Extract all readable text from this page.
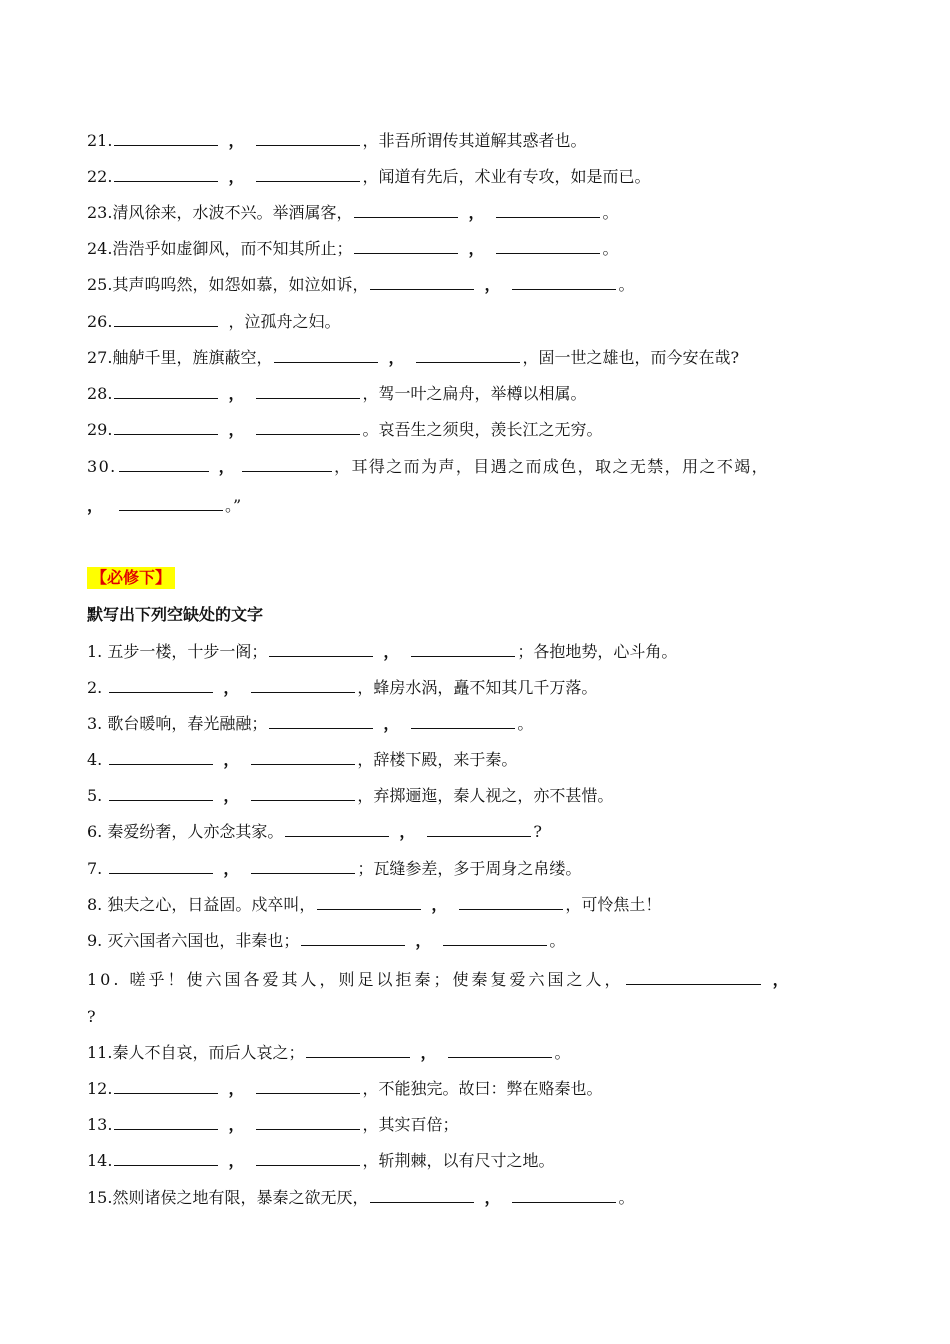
21.	，	，非吾所谓传其道解其惑者也。
22.	，	，闻道有先后，术业有专攻，如是而已。
23.清风徐来，水波不兴。举酒属客，	，	。
24.浩浩乎如虚御风，而不知其所止；	，	。
25.其声呜呜然，如怨如慕，如泣如诉，	，	。
26.	，泣孤舟之妇。
27.舳舻千里，旌旗蔽空，	，	，固一世之雄也，而今安在哉?
28.	，	，驾一叶之扁舟，举樽以相属。
29.	，	。哀吾生之须臾，羡长江之无穷。
30.	，	，耳得之而为声，目遇之而成色，取之无禁，用之不竭，
，	。”
【必修下】
默写出下列空缺处的文字
1. 五步一楼，十步一阁；	，	；各抱地势，心斗角。
2.	，	，蜂房水涡，矗不知其几千万落。
3. 歌台暖响，春光融融；	，	。
4.	，	，辞楼下殿，来于秦。
5.	，	，弃掷逦迤，秦人视之，亦不甚惜。
6. 秦爱纷奢，人亦念其家。	，	?
7.	，	；瓦缝参差，多于周身之帛缕。
8. 独夫之心，日益固。戍卒叫，	，	，可怜焦土！
9. 灭六国者六国也，非秦也；	，	。
10. 嗟乎！使六国各爱其人，则足以拒秦；使秦复爱六国之人，	，
?
11.秦人不自哀，而后人哀之；	，	。
12.	，	，不能独完。故曰：弊在赂秦也。
13.	，	，其实百倍；
14.	，	，斩荆棘，以有尺寸之地。
15.然则诸侯之地有限，暴秦之欲无厌，	，	。
